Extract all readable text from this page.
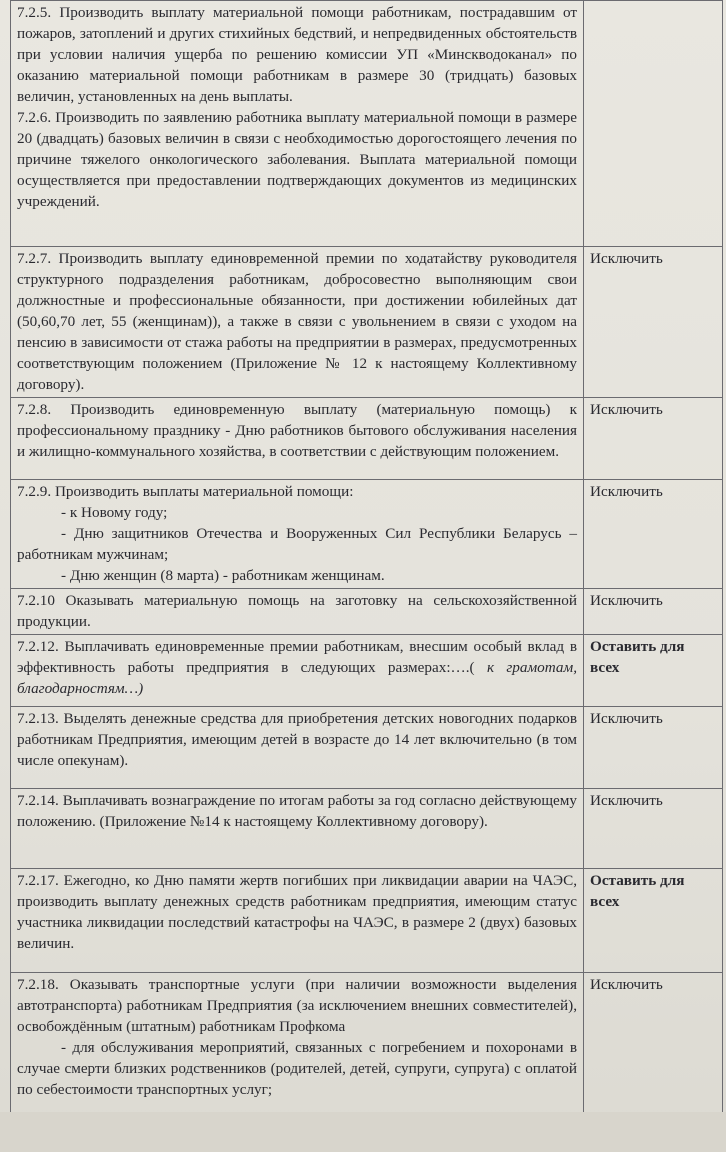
7.2.5. Производить выплату материальной помощи работникам, пострадавшим от пожаров, затоплений и других стихийных бедствий, и непредвиденных обстоятельств при условии наличия ущерба по решению комиссии УП «Минскводоканал» по оказанию материальной помощи работникам в размере 30 (тридцать) базовых величин, установленных на день выплаты.

7.2.6. Производить по заявлению работника выплату материальной помощи в размере 20 (двадцать) базовых величин в связи с необходимостью дорогостоящего лечения по причине тяжелого онкологического заболевания. Выплата материальной помощи осуществляется при предоставлении подтверждающих документов из медицинских учреждений.	

7.2.7. Производить выплату единовременной премии по ходатайству руководителя структурного подразделения работникам, добросовестно выполняющим свои должностные и профессиональные обязанности, при достижении юбилейных дат (50,60,70 лет, 55 (женщинам)), а также в связи с увольнением в связи с уходом на пенсию в зависимости от стажа работы на предприятии в размерах, предусмотренных соответствующим положением (Приложение № 12 к настоящему Коллективному договору).	Исключить

7.2.8. Производить единовременную выплату (материальную помощь) к профессиональному празднику - Дню работников бытового обслуживания населения и жилищно-коммунального хозяйства, в соответствии с действующим положением.	Исключить

7.2.9. Производить выплаты материальной помощи:

- к Новому году;

- Дню защитников Отечества и Вооруженных Сил Республики Беларусь – работникам мужчинам;

- Дню женщин (8 марта) - работникам женщинам.	Исключить

7.2.10 Оказывать материальную помощь на заготовку на сельскохозяйственной продукции.	Исключить

7.2.12. Выплачивать единовременные премии работникам, внесшим особый вклад в эффективность работы предприятия в следующих размерах:….( к грамотам, благодарностям…)	Оставить для всех

7.2.13. Выделять денежные средства для приобретения детских новогодних подарков работникам Предприятия, имеющим детей в возрасте до 14 лет включительно (в том числе опекунам).	Исключить

7.2.14. Выплачивать вознаграждение по итогам работы за год согласно действующему положению. (Приложение №14 к настоящему Коллективному договору).	Исключить

7.2.17. Ежегодно, ко Дню памяти жертв погибших при ликвидации аварии на ЧАЭС, производить выплату денежных средств работникам предприятия, имеющим статус участника ликвидации последствий катастрофы на ЧАЭС, в размере 2 (двух) базовых величин.	Оставить для всех

7.2.18. Оказывать транспортные услуги (при наличии возможности выделения автотранспорта) работникам Предприятия (за исключением внешних совместителей), освобождённым (штатным) работникам Профкома

- для обслуживания мероприятий, связанных с погребением и похоронами в случае смерти близких родственников (родителей, детей, супруги, супруга) с оплатой по себестоимости транспортных услуг;	Исключить
